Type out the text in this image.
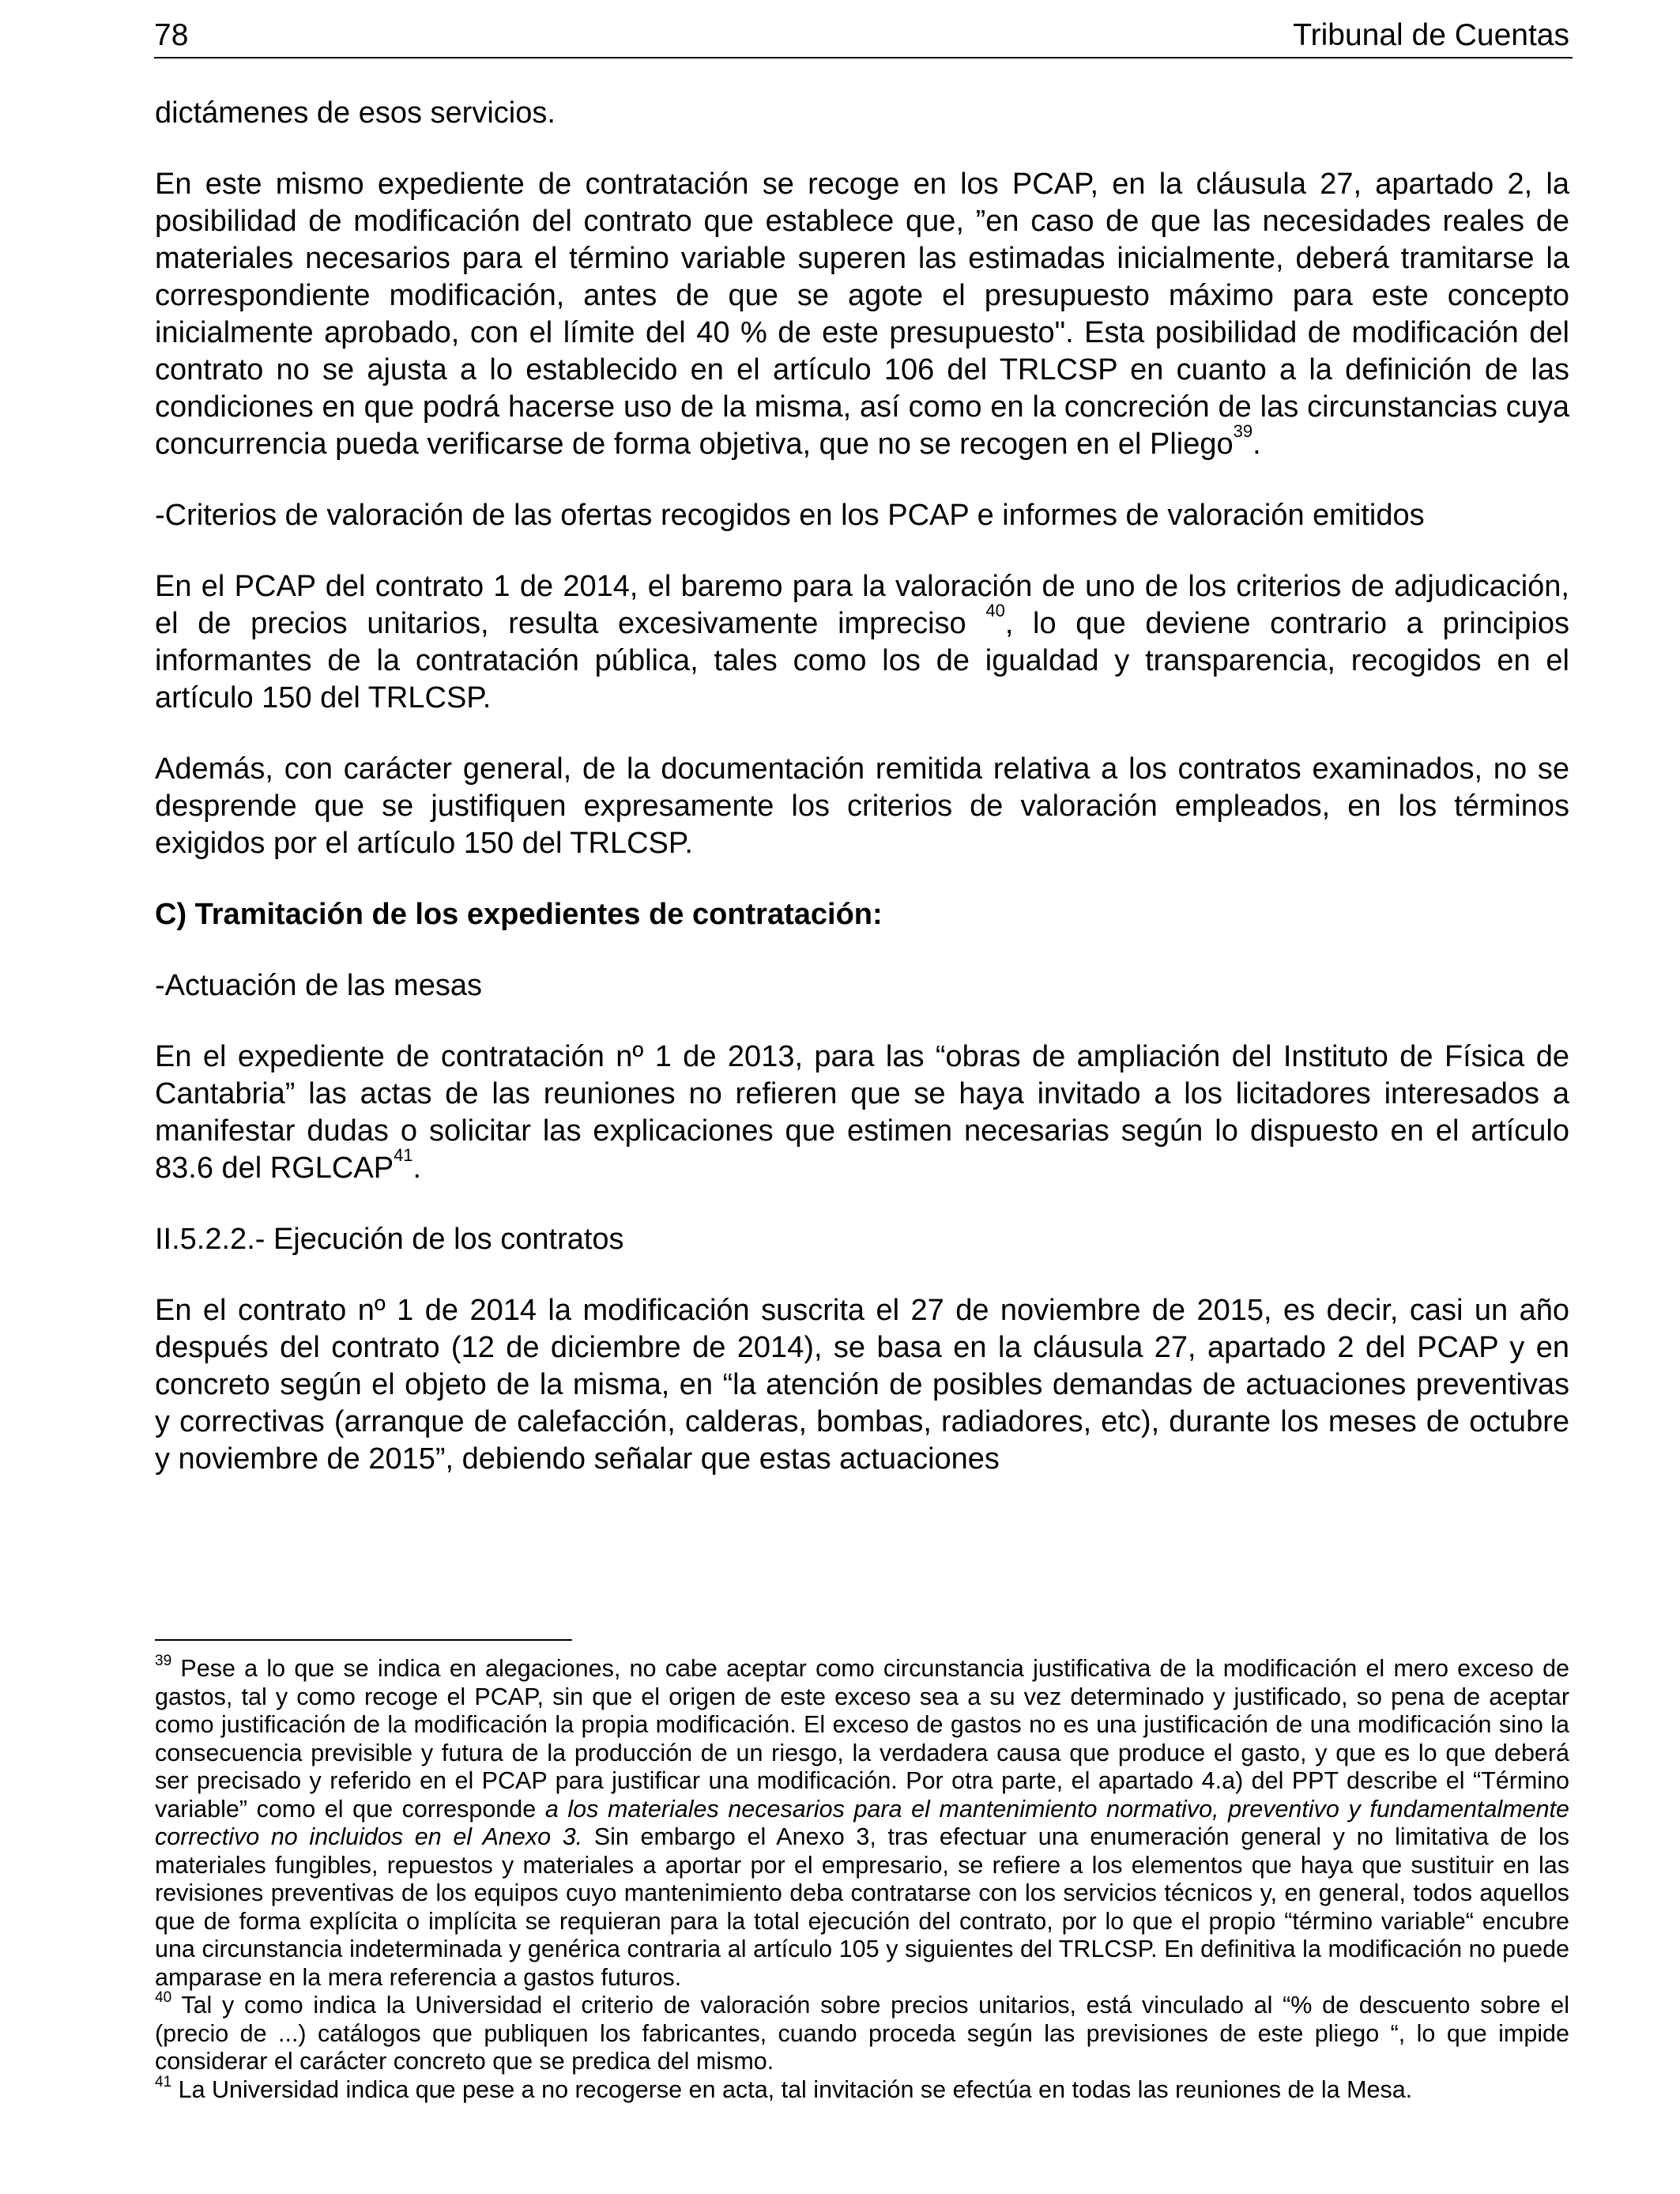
78	Tribunal de Cuentas

dictámenes de esos servicios.

En este mismo expediente de contratación se recoge en los PCAP, en la cláusula 27, apartado 2, la posibilidad de modificación del contrato que establece que, ”en caso de que las necesidades reales de materiales necesarios para el término variable superen las estimadas inicialmente, deberá tramitarse la correspondiente modificación, antes de que se agote el presupuesto máximo para este concepto inicialmente aprobado, con el límite del 40 % de este presupuesto". Esta posibilidad de modificación del contrato no se ajusta a lo establecido en el artículo 106 del TRLCSP en cuanto a la definición de las condiciones en que podrá hacerse uso de la misma, así como en la concreción de las circunstancias cuya concurrencia pueda verificarse de forma objetiva, que no se recogen en el Pliego$^{39}$.

-Criterios de valoración de las ofertas recogidos en los PCAP e informes de valoración emitidos

En el PCAP del contrato 1 de 2014, el baremo para la valoración de uno de los criterios de adjudicación, el de precios unitarios, resulta excesivamente impreciso $^{40}$, lo que deviene contrario a principios informantes de la contratación pública, tales como los de igualdad y transparencia, recogidos en el artículo 150 del TRLCSP.

Además, con carácter general, de la documentación remitida relativa a los contratos examinados, no se desprende que se justifiquen expresamente los criterios de valoración empleados, en los términos exigidos por el artículo 150 del TRLCSP.

C) Tramitación de los expedientes de contratación:

-Actuación de las mesas

En el expediente de contratación nº 1 de 2013, para las “obras de ampliación del Instituto de Física de Cantabria” las actas de las reuniones no refieren que se haya invitado a los licitadores interesados a manifestar dudas o solicitar las explicaciones que estimen necesarias según lo dispuesto en el artículo 83.6 del RGLCAP$^{41}$.

II.5.2.2.- Ejecución de los contratos

En el contrato nº 1 de 2014 la modificación suscrita el 27 de noviembre de 2015, es decir, casi un año después del contrato (12 de diciembre de 2014), se basa en la cláusula 27, apartado 2 del PCAP y en concreto según el objeto de la misma, en “la atención de posibles demandas de actuaciones preventivas y correctivas (arranque de calefacción, calderas, bombas, radiadores, etc), durante los meses de octubre y noviembre de 2015”, debiendo señalar que estas actuaciones

$^{39}$ Pese a lo que se indica en alegaciones, no cabe aceptar como circunstancia justificativa de la modificación el mero exceso de gastos, tal y como recoge el PCAP, sin que el origen de este exceso sea a su vez determinado y justificado, so pena de aceptar como justificación de la modificación la propia modificación. El exceso de gastos no es una justificación de una modificación sino la consecuencia previsible y futura de la producción de un riesgo, la verdadera causa que produce el gasto, y que es lo que deberá ser precisado y referido en el PCAP para justificar una modificación. Por otra parte, el apartado 4.a) del PPT describe el “Término variable” como el que corresponde a los materiales necesarios para el mantenimiento normativo, preventivo y fundamentalmente correctivo no incluidos en el Anexo 3. Sin embargo el Anexo 3, tras efectuar una enumeración general y no limitativa de los materiales fungibles, repuestos y materiales a aportar por el empresario, se refiere a los elementos que haya que sustituir en las revisiones preventivas de los equipos cuyo mantenimiento deba contratarse con los servicios técnicos y, en general, todos aquellos que de forma explícita o implícita se requieran para la total ejecución del contrato, por lo que el propio “término variable“ encubre una circunstancia indeterminada y genérica contraria al artículo 105 y siguientes del TRLCSP. En definitiva la modificación no puede amparase en la mera referencia a gastos futuros.

$^{40}$ Tal y como indica la Universidad el criterio de valoración sobre precios unitarios, está vinculado al “% de descuento sobre el (precio de ...) catálogos que publiquen los fabricantes, cuando proceda según las previsiones de este pliego “, lo que impide considerar el carácter concreto que se predica del mismo.

$^{41}$ La Universidad indica que pese a no recogerse en acta, tal invitación se efectúa en todas las reuniones de la Mesa.
